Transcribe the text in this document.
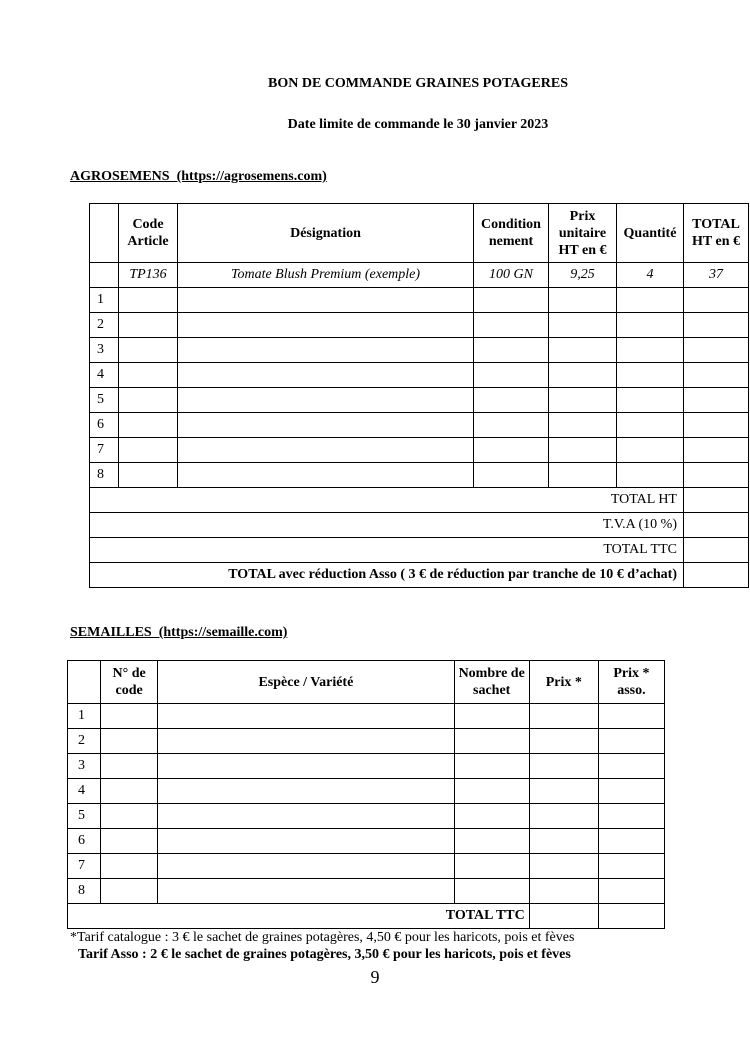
BON DE COMMANDE GRAINES POTAGERES
Date limite de commande le 30 janvier 2023
AGROSEMENS  (https://agrosemens.com)
	Code Article	Désignation	Condition nement	Prix unitaire HT en €	Quantité	TOTAL HT en €
	TP136	Tomate Blush Premium (exemple)	100 GN	9,25	4	37
1						
2						
3						
4						
5						
6						
7						
8						
TOTAL HT						
T.V.A (10 %)						
TOTAL TTC						
TOTAL avec réduction Asso ( 3 € de réduction par tranche de 10 € d’achat)						
SEMAILLES  (https://semaille.com)
	N° de code	Espèce / Variété	Nombre de sachet	Prix *	Prix * asso.
1					
2					
3					
4					
5					
6					
7					
8					
TOTAL TTC					
*Tarif catalogue : 3 € le sachet de graines potagères, 4,50 € pour les haricots, pois et fèves
Tarif Asso : 2 € le sachet de graines potagères, 3,50 € pour les haricots, pois et fèves
9
